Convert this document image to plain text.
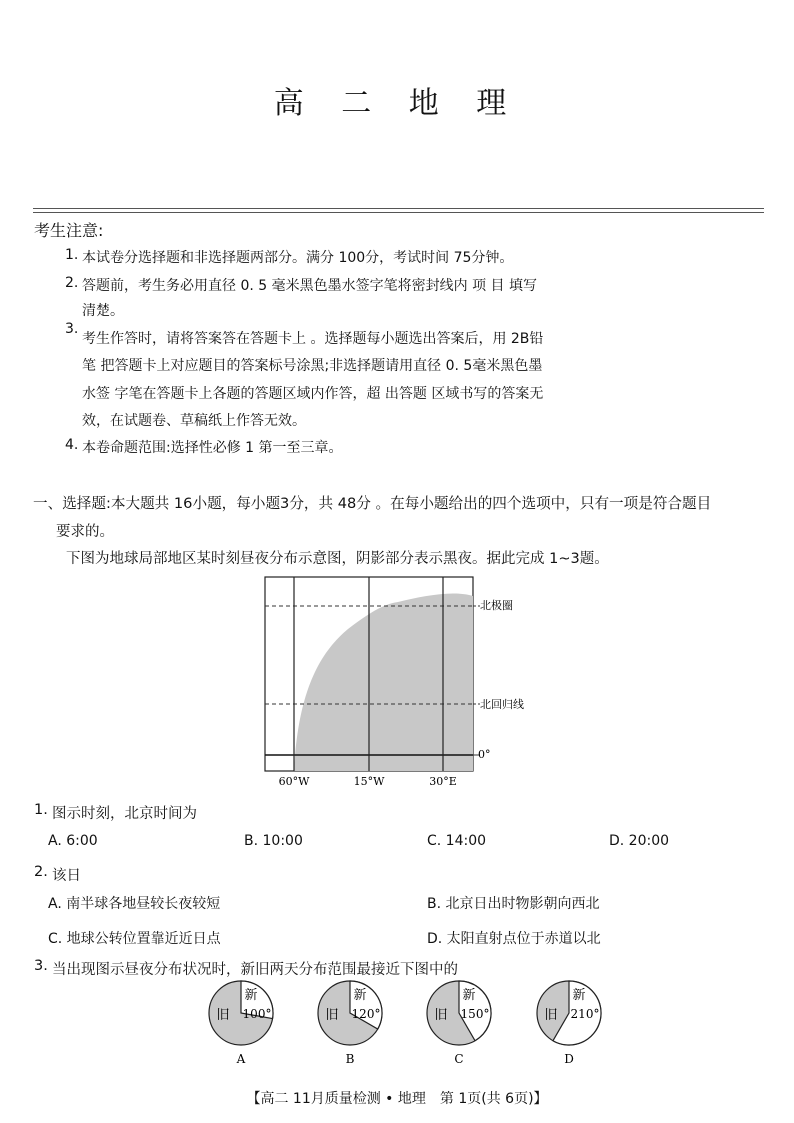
高 二 地 理
考生注意:
1. 本试卷分选择题和非选择题两部分。满分 100分，考试时间 75分钟。
2. 答题前，考生务必用直径 0. 5 毫米黑色墨水签字笔将密封线内 项 目 填写
清楚。
3.
考生作答时，请将答案答在答题卡上 。选择题每小题选出答案后，用 2B铅
笔 把答题卡上对应题目的答案标号涂黑;非选择题请用直径 0. 5毫米黑色墨
水签 字笔在答题卡上各题的答题区域内作答，超 出答题 区域书写的答案无
效，在试题卷、草稿纸上作答无效。
4. 本卷命题范围:选择性必修 1 第一至三章。
一、选择题:本大题共 16小题，每小题3分，共 48分 。在每小题给出的四个选项中，只有一项是符合题目
要求的。
下图为地球局部地区某时刻昼夜分布示意图，阴影部分表示黑夜。据此完成 1~3题。
北极圈
北回归线
0°
60°W	15°W	30°E
1. 图示时刻，北京时间为
A. 6:00	B. 10:00	C. 14:00	D. 20:00
2. 该日
A. 南半球各地昼较长夜较短	B. 北京日出时物影朝向西北
C. 地球公转位置靠近近日点	D. 太阳直射点位于赤道以北
3. 当出现图示昼夜分布状况时，新旧两天分布范围最接近下图中的
新
100°
旧
A
新
120°
旧
B
新
150°
旧
C
新
210°
旧
D
【高二 11月质量检测 • 地理　第 1页(共 6页)】
